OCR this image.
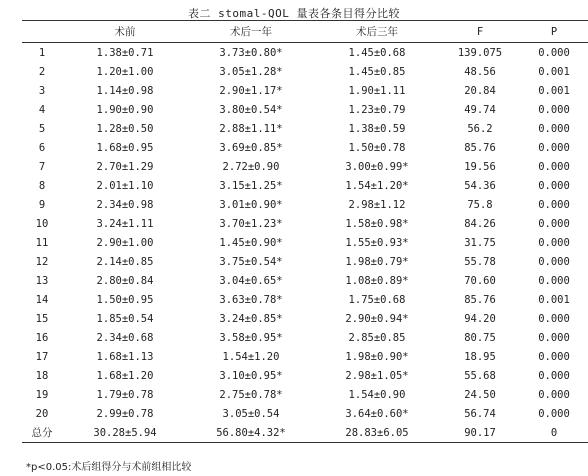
表二 stomal-QOL 量表各条目得分比较
	术前	术后一年	术后三年	F	P
1	1.38±0.71	3.73±0.80*	1.45±0.68	139.075	0.000
2	1.20±1.00	3.05±1.28*	1.45±0.85	48.56	0.001
3	1.14±0.98	2.90±1.17*	1.90±1.11	20.84	0.001
4	1.90±0.90	3.80±0.54*	1.23±0.79	49.74	0.000
5	1.28±0.50	2.88±1.11*	1.38±0.59	56.2	0.000
6	1.68±0.95	3.69±0.85*	1.50±0.78	85.76	0.000
7	2.70±1.29	2.72±0.90	3.00±0.99*	19.56	0.000
8	2.01±1.10	3.15±1.25*	1.54±1.20*	54.36	0.000
9	2.34±0.98	3.01±0.90*	2.98±1.12	75.8	0.000
10	3.24±1.11	3.70±1.23*	1.58±0.98*	84.26	0.000
11	2.90±1.00	1.45±0.90*	1.55±0.93*	31.75	0.000
12	2.14±0.85	3.75±0.54*	1.98±0.79*	55.78	0.000
13	2.80±0.84	3.04±0.65*	1.08±0.89*	70.60	0.000
14	1.50±0.95	3.63±0.78*	1.75±0.68	85.76	0.001
15	1.85±0.54	3.24±0.85*	2.90±0.94*	94.20	0.000
16	2.34±0.68	3.58±0.95*	2.85±0.85	80.75	0.000
17	1.68±1.13	1.54±1.20	1.98±0.90*	18.95	0.000
18	1.68±1.20	3.10±0.95*	2.98±1.05*	55.68	0.000
19	1.79±0.78	2.75±0.78*	1.54±0.90	24.50	0.000
20	2.99±0.78	3.05±0.54	3.64±0.60*	56.74	0.000
总分	30.28±5.94	56.80±4.32*	28.83±6.05	90.17	0
*p<0.05:术后组得分与术前组相比较
